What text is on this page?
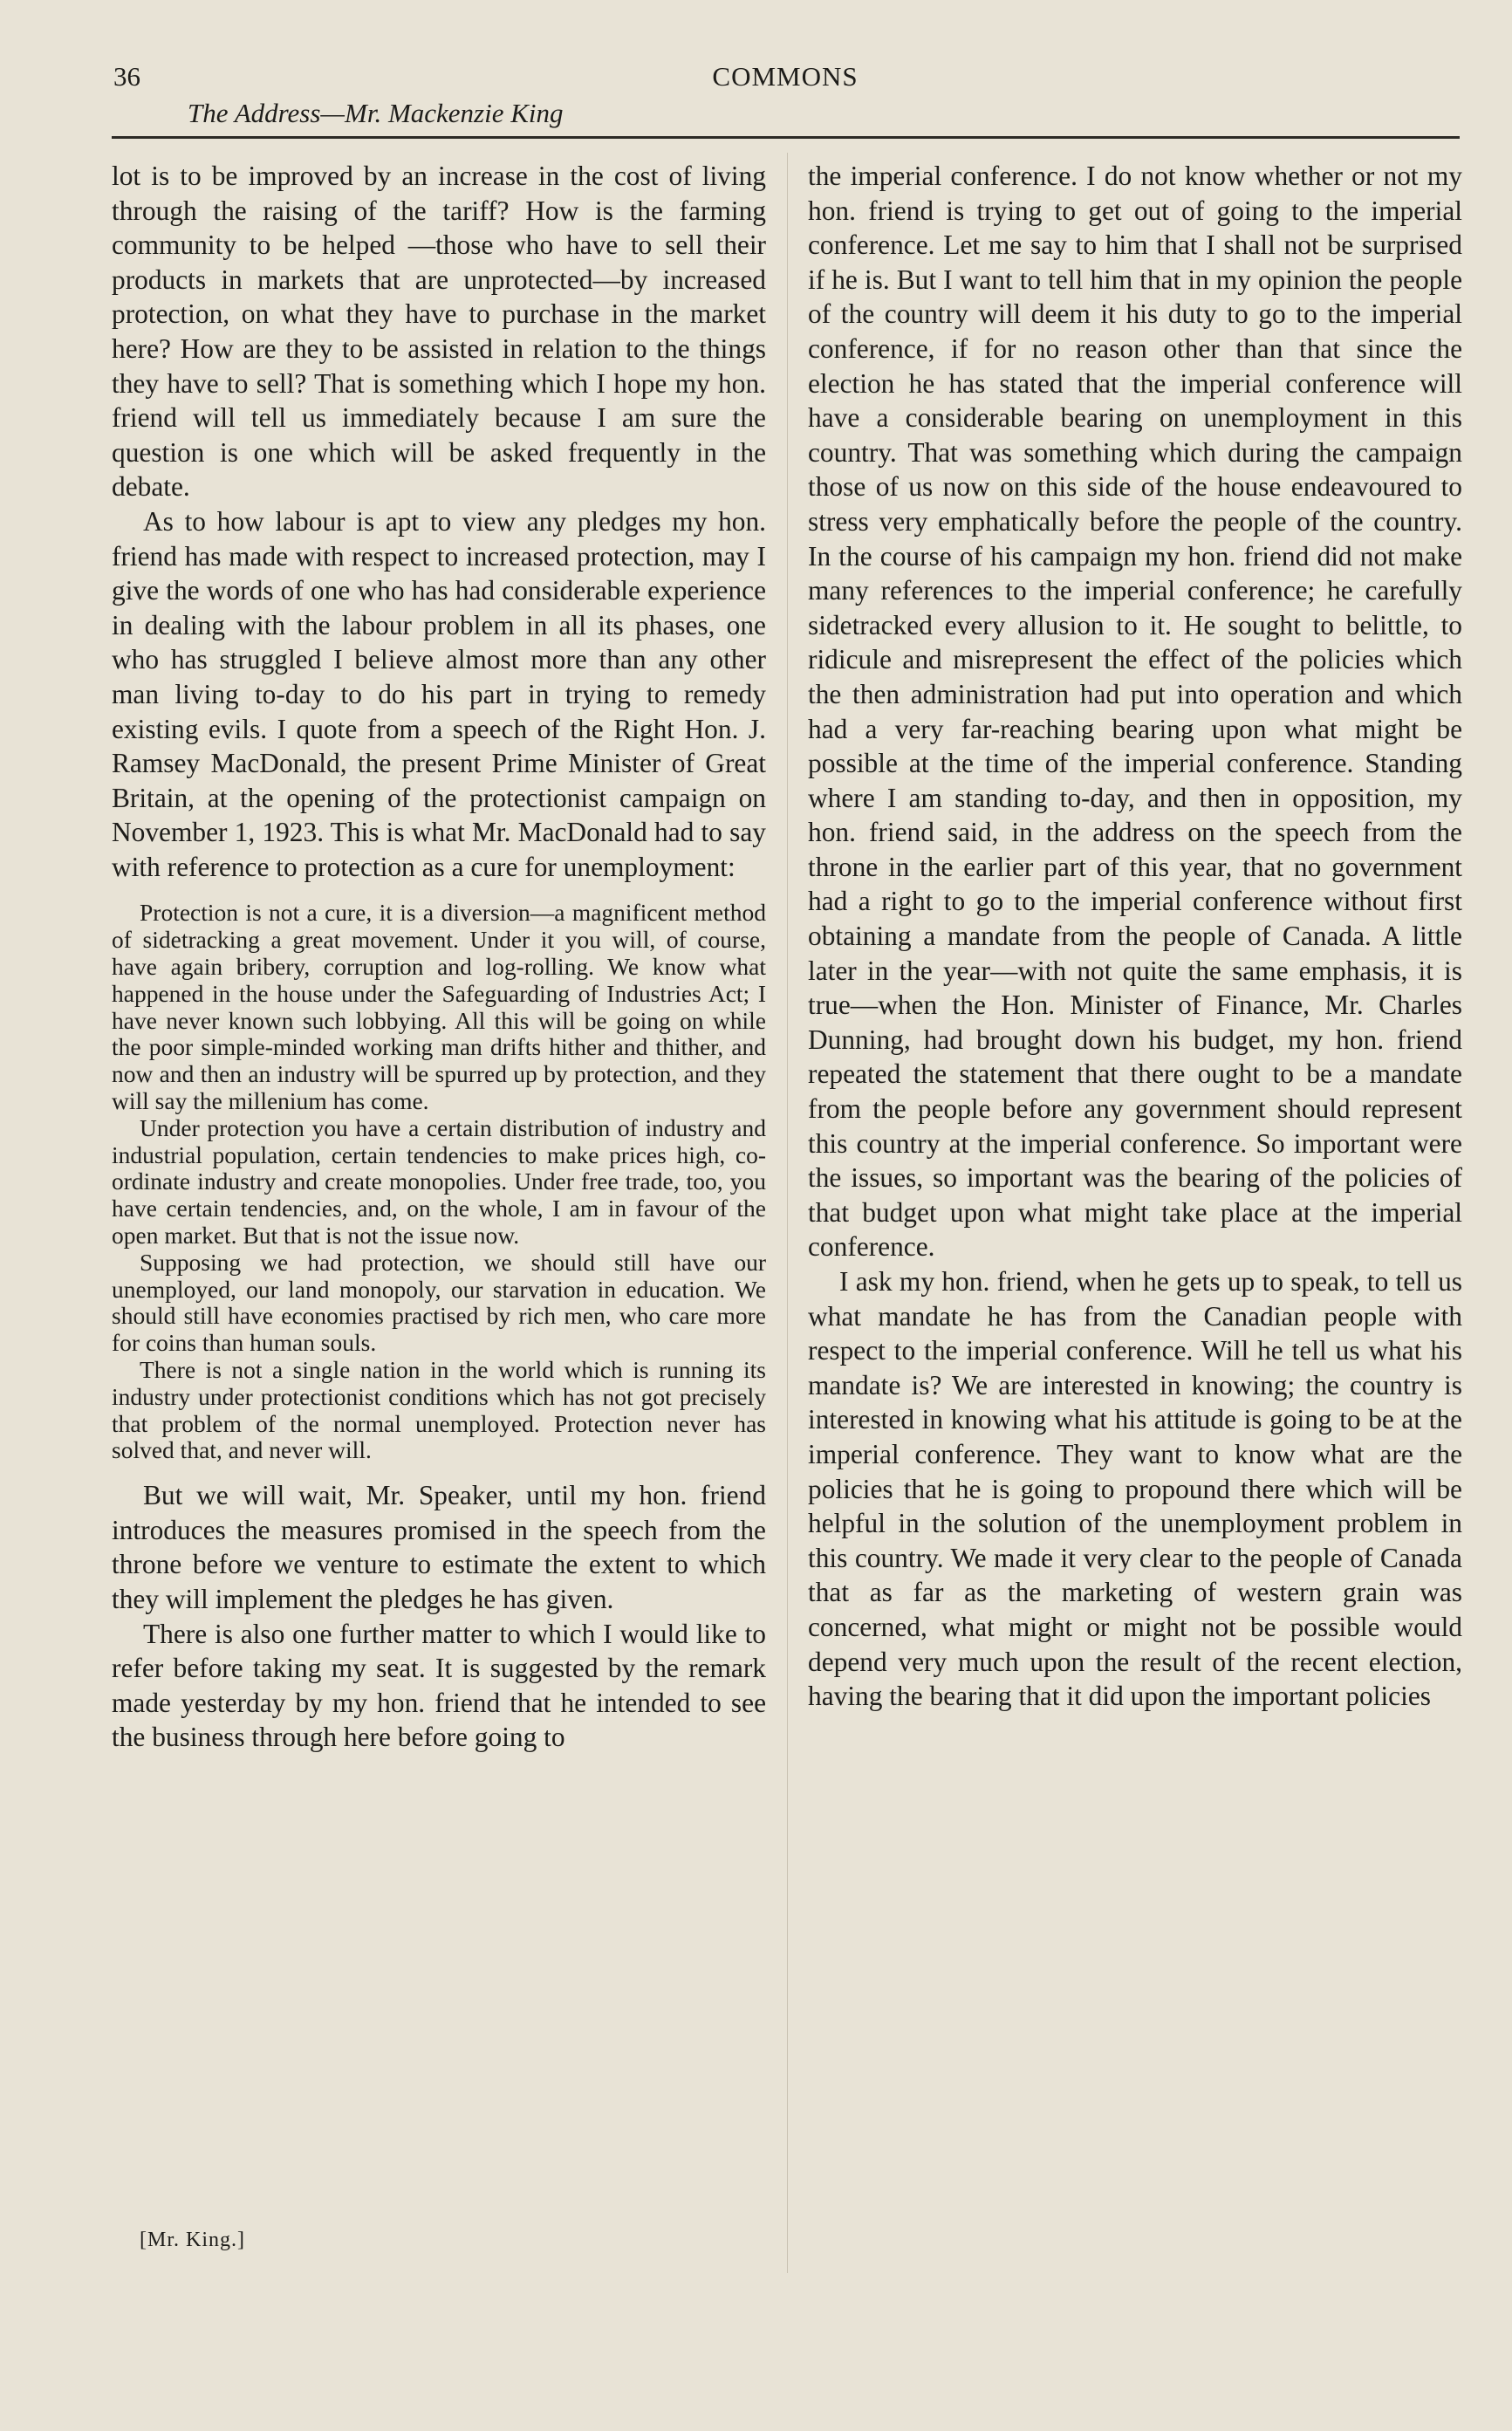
36	COMMONS
The Address—Mr. Mackenzie King

lot is to be improved by an increase in the cost of living through the raising of the tariff? How is the farming community to be helped —those who have to sell their products in markets that are unprotected—by increased protection, on what they have to purchase in the market here? How are they to be assisted in relation to the things they have to sell? That is something which I hope my hon. friend will tell us immediately because I am sure the question is one which will be asked frequently in the debate.

As to how labour is apt to view any pledges my hon. friend has made with respect to increased protection, may I give the words of one who has had considerable experience in dealing with the labour problem in all its phases, one who has struggled I believe almost more than any other man living to-day to do his part in trying to remedy existing evils. I quote from a speech of the Right Hon. J. Ramsey MacDonald, the present Prime Minister of Great Britain, at the opening of the protectionist campaign on November 1, 1923. This is what Mr. MacDonald had to say with reference to protection as a cure for unemployment:

Protection is not a cure, it is a diversion—a magnificent method of sidetracking a great movement. Under it you will, of course, have again bribery, corruption and log-rolling. We know what happened in the house under the Safeguarding of Industries Act; I have never known such lobbying. All this will be going on while the poor simple-minded working man drifts hither and thither, and now and then an industry will be spurred up by protection, and they will say the millenium has come.

Under protection you have a certain distribution of industry and industrial population, certain tendencies to make prices high, co-ordinate industry and create monopolies. Under free trade, too, you have certain tendencies, and, on the whole, I am in favour of the open market. But that is not the issue now.

Supposing we had protection, we should still have our unemployed, our land monopoly, our starvation in education. We should still have economies practised by rich men, who care more for coins than human souls.

There is not a single nation in the world which is running its industry under protectionist conditions which has not got precisely that problem of the normal unemployed. Protection never has solved that, and never will.

But we will wait, Mr. Speaker, until my hon. friend introduces the measures promised in the speech from the throne before we venture to estimate the extent to which they will implement the pledges he has given.

There is also one further matter to which I would like to refer before taking my seat. It is suggested by the remark made yesterday by my hon. friend that he intended to see the business through here before going to

the imperial conference. I do not know whether or not my hon. friend is trying to get out of going to the imperial conference. Let me say to him that I shall not be surprised if he is. But I want to tell him that in my opinion the people of the country will deem it his duty to go to the imperial conference, if for no reason other than that since the election he has stated that the imperial conference will have a considerable bearing on unemployment in this country. That was something which during the campaign those of us now on this side of the house endeavoured to stress very emphatically before the people of the country. In the course of his campaign my hon. friend did not make many references to the imperial conference; he carefully sidetracked every allusion to it. He sought to belittle, to ridicule and misrepresent the effect of the policies which the then administration had put into operation and which had a very far-reaching bearing upon what might be possible at the time of the imperial conference. Standing where I am standing to-day, and then in opposition, my hon. friend said, in the address on the speech from the throne in the earlier part of this year, that no government had a right to go to the imperial conference without first obtaining a mandate from the people of Canada. A little later in the year—with not quite the same emphasis, it is true—when the Hon. Minister of Finance, Mr. Charles Dunning, had brought down his budget, my hon. friend repeated the statement that there ought to be a mandate from the people before any government should represent this country at the imperial conference. So important were the issues, so important was the bearing of the policies of that budget upon what might take place at the imperial conference.

I ask my hon. friend, when he gets up to speak, to tell us what mandate he has from the Canadian people with respect to the imperial conference. Will he tell us what his mandate is? We are interested in knowing; the country is interested in knowing what his attitude is going to be at the imperial conference. They want to know what are the policies that he is going to propound there which will be helpful in the solution of the unemployment problem in this country. We made it very clear to the people of Canada that as far as the marketing of western grain was concerned, what might or might not be possible would depend very much upon the result of the recent election, having the bearing that it did upon the important policies

[Mr. King.]
